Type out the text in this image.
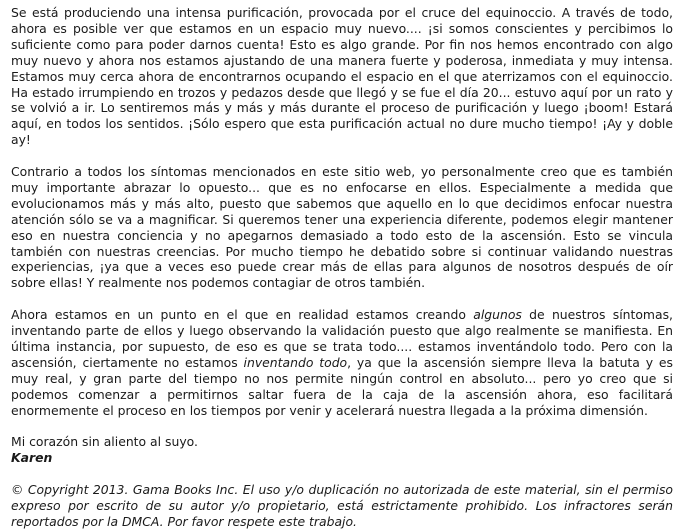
Se está produciendo una intensa purificación, provocada por el cruce del equinoccio. A través de todo, ahora es posible ver que estamos en un espacio muy nuevo.... ¡si somos conscientes y percibimos lo suficiente como para poder darnos cuenta! Esto es algo grande. Por fin nos hemos encontrado con algo muy nuevo y ahora nos estamos ajustando de una manera fuerte y poderosa, inmediata y muy intensa. Estamos muy cerca ahora de encontrarnos ocupando el espacio en el que aterrizamos con el equinoccio. Ha estado irrumpiendo en trozos y pedazos desde que llegó y se fue el día 20... estuvo aquí por un rato y se volvió a ir. Lo sentiremos más y más y más durante el proceso de purificación y luego ¡boom! Estará aquí, en todos los sentidos. ¡Sólo espero que esta purificación actual no dure mucho tiempo! ¡Ay y doble ay!

Contrario a todos los síntomas mencionados en este sitio web, yo personalmente creo que es también muy importante abrazar lo opuesto... que es no enfocarse en ellos. Especialmente a medida que evolucionamos más y más alto, puesto que sabemos que aquello en lo que decidimos enfocar nuestra atención sólo se va a magnificar. Si queremos tener una experiencia diferente, podemos elegir mantener eso en nuestra conciencia y no apegarnos demasiado a todo esto de la ascensión. Esto se vincula también con nuestras creencias. Por mucho tiempo he debatido sobre si continuar validando nuestras experiencias, ¡ya que a veces eso puede crear más de ellas para algunos de nosotros después de oír sobre ellas! Y realmente nos podemos contagiar de otros también.

Ahora estamos en un punto en el que en realidad estamos creando algunos de nuestros síntomas, inventando parte de ellos y luego observando la validación puesto que algo realmente se manifiesta. En última instancia, por supuesto, de eso es que se trata todo.... estamos inventándolo todo. Pero con la ascensión, ciertamente no estamos inventando todo, ya que la ascensión siempre lleva la batuta y es muy real, y gran parte del tiempo no nos permite ningún control en absoluto... pero yo creo que si podemos comenzar a permitirnos saltar fuera de la caja de la ascensión ahora, eso facilitará enormemente el proceso en los tiempos por venir y acelerará nuestra llegada a la próxima dimensión.

Mi corazón sin aliento al suyo.
Karen

© Copyright 2013. Gama Books Inc. El uso y/o duplicación no autorizada de este material, sin el permiso expreso por escrito de su autor y/o propietario, está estrictamente prohibido. Los infractores serán reportados por la DMCA. Por favor respete este trabajo.
